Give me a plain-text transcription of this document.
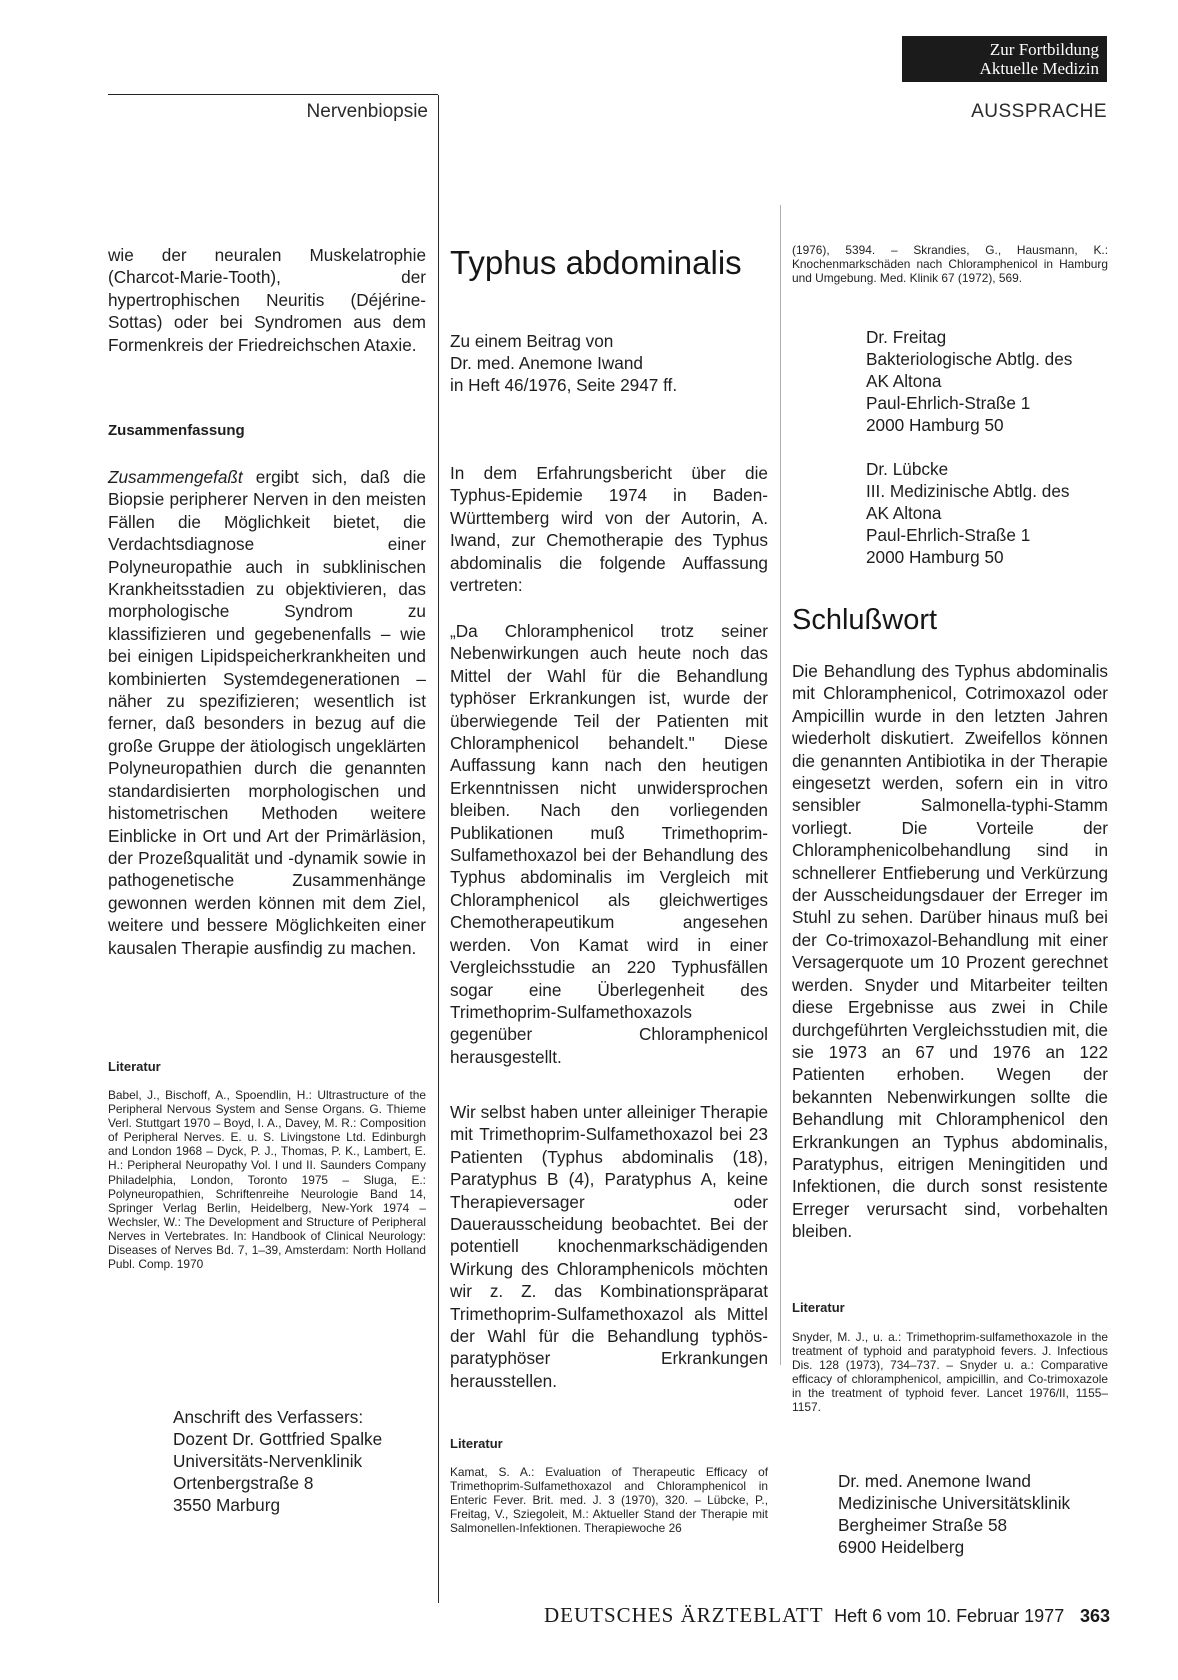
Zur Fortbildung
Aktuelle Medizin
Nervenbiopsie	AUSSPRACHE
wie der neuralen Muskelatrophie (Charcot-Marie-Tooth), der hypertrophischen Neuritis (Déjérine-Sottas) oder bei Syndromen aus dem Formenkreis der Friedreichschen Ataxie.
Zusammenfassung
Zusammengefaßt ergibt sich, daß die Biopsie peripherer Nerven in den meisten Fällen die Möglichkeit bietet, die Verdachtsdiagnose einer Polyneuropathie auch in subklinischen Krankheitsstadien zu objektivieren, das morphologische Syndrom zu klassifizieren und gegebenenfalls – wie bei einigen Lipidspeicherkrankheiten und kombinierten Systemdegenerationen – näher zu spezifizieren; wesentlich ist ferner, daß besonders in bezug auf die große Gruppe der ätiologisch ungeklärten Polyneuropathien durch die genannten standardisierten morphologischen und histometrischen Methoden weitere Einblicke in Ort und Art der Primärläsion, der Prozeßqualität und -dynamik sowie in pathogenetische Zusammenhänge gewonnen werden können mit dem Ziel, weitere und bessere Möglichkeiten einer kausalen Therapie ausfindig zu machen.
Literatur
Babel, J., Bischoff, A., Spoendlin, H.: Ultrastructure of the Peripheral Nervous System and Sense Organs. G. Thieme Verl. Stuttgart 1970 – Boyd, I. A., Davey, M. R.: Composition of Peripheral Nerves. E. u. S. Livingstone Ltd. Edinburgh and London 1968 – Dyck, P. J., Thomas, P. K., Lambert, E. H.: Peripheral Neuropathy Vol. I und II. Saunders Company Philadelphia, London, Toronto 1975 – Sluga, E.: Polyneuropathien, Schriftenreihe Neurologie Band 14, Springer Verlag Berlin, Heidelberg, New-York 1974 – Wechsler, W.: The Development and Structure of Peripheral Nerves in Vertebrates. In: Handbook of Clinical Neurology: Diseases of Nerves Bd. 7, 1–39, Amsterdam: North Holland Publ. Comp. 1970
Anschrift des Verfassers:
Dozent Dr. Gottfried Spalke
Universitäts-Nervenklinik
Ortenbergstraße 8
3550 Marburg
Typhus abdominalis
Zu einem Beitrag von
Dr. med. Anemone Iwand
in Heft 46/1976, Seite 2947 ff.
In dem Erfahrungsbericht über die Typhus-Epidemie 1974 in Baden-Württemberg wird von der Autorin, A. Iwand, zur Chemotherapie des Typhus abdominalis die folgende Auffassung vertreten:
„Da Chloramphenicol trotz seiner Nebenwirkungen auch heute noch das Mittel der Wahl für die Behandlung typhöser Erkrankungen ist, wurde der überwiegende Teil der Patienten mit Chloramphenicol behandelt." Diese Auffassung kann nach den heutigen Erkenntnissen nicht unwidersprochen bleiben. Nach den vorliegenden Publikationen muß Trimethoprim-Sulfamethoxazol bei der Behandlung des Typhus abdominalis im Vergleich mit Chloramphenicol als gleichwertiges Chemotherapeutikum angesehen werden. Von Kamat wird in einer Vergleichsstudie an 220 Typhusfällen sogar eine Überlegenheit des Trimethoprim-Sulfamethoxazols gegenüber Chloramphenicol herausgestellt.
Wir selbst haben unter alleiniger Therapie mit Trimethoprim-Sulfamethoxazol bei 23 Patienten (Typhus abdominalis (18), Paratyphus B (4), Paratyphus A, keine Therapieversager oder Dauerausscheidung beobachtet. Bei der potentiell knochenmarkschädigenden Wirkung des Chloramphenicols möchten wir z. Z. das Kombinationspräparat Trimethoprim-Sulfamethoxazol als Mittel der Wahl für die Behandlung typhös-paratyphöser Erkrankungen herausstellen.
Literatur
Kamat, S. A.: Evaluation of Therapeutic Efficacy of Trimethoprim-Sulfamethoxazol and Chloramphenicol in Enteric Fever. Brit. med. J. 3 (1970), 320. – Lübcke, P., Freitag, V., Sziegoleit, M.: Aktueller Stand der Therapie mit Salmonellen-Infektionen. Therapiewoche 26
(1976), 5394. – Skrandies, G., Hausmann, K.: Knochenmarkschäden nach Chloramphenicol in Hamburg und Umgebung. Med. Klinik 67 (1972), 569.
Dr. Freitag
Bakteriologische Abtlg. des
AK Altona
Paul-Ehrlich-Straße 1
2000 Hamburg 50
Dr. Lübcke
III. Medizinische Abtlg. des
AK Altona
Paul-Ehrlich-Straße 1
2000 Hamburg 50
Schlußwort
Die Behandlung des Typhus abdominalis mit Chloramphenicol, Cotrimoxazol oder Ampicillin wurde in den letzten Jahren wiederholt diskutiert. Zweifellos können die genannten Antibiotika in der Therapie eingesetzt werden, sofern ein in vitro sensibler Salmonella-typhi-Stamm vorliegt. Die Vorteile der Chloramphenicolbehandlung sind in schnellerer Entfieberung und Verkürzung der Ausscheidungsdauer der Erreger im Stuhl zu sehen. Darüber hinaus muß bei der Co-trimoxazol-Behandlung mit einer Versagerquote um 10 Prozent gerechnet werden. Snyder und Mitarbeiter teilten diese Ergebnisse aus zwei in Chile durchgeführten Vergleichsstudien mit, die sie 1973 an 67 und 1976 an 122 Patienten erhoben. Wegen der bekannten Nebenwirkungen sollte die Behandlung mit Chloramphenicol den Erkrankungen an Typhus abdominalis, Paratyphus, eitrigen Meningitiden und Infektionen, die durch sonst resistente Erreger verursacht sind, vorbehalten bleiben.
Literatur
Snyder, M. J., u. a.: Trimethoprim-sulfamethoxazole in the treatment of typhoid and paratyphoid fevers. J. Infectious Dis. 128 (1973), 734–737. – Snyder u. a.: Comparative efficacy of chloramphenicol, ampicillin, and Co-trimoxazole in the treatment of typhoid fever. Lancet 1976/II, 1155–1157.
Dr. med. Anemone Iwand
Medizinische Universitätsklinik
Bergheimer Straße 58
6900 Heidelberg
DEUTSCHES ÄRZTEBLATT Heft 6 vom 10. Februar 1977 363
